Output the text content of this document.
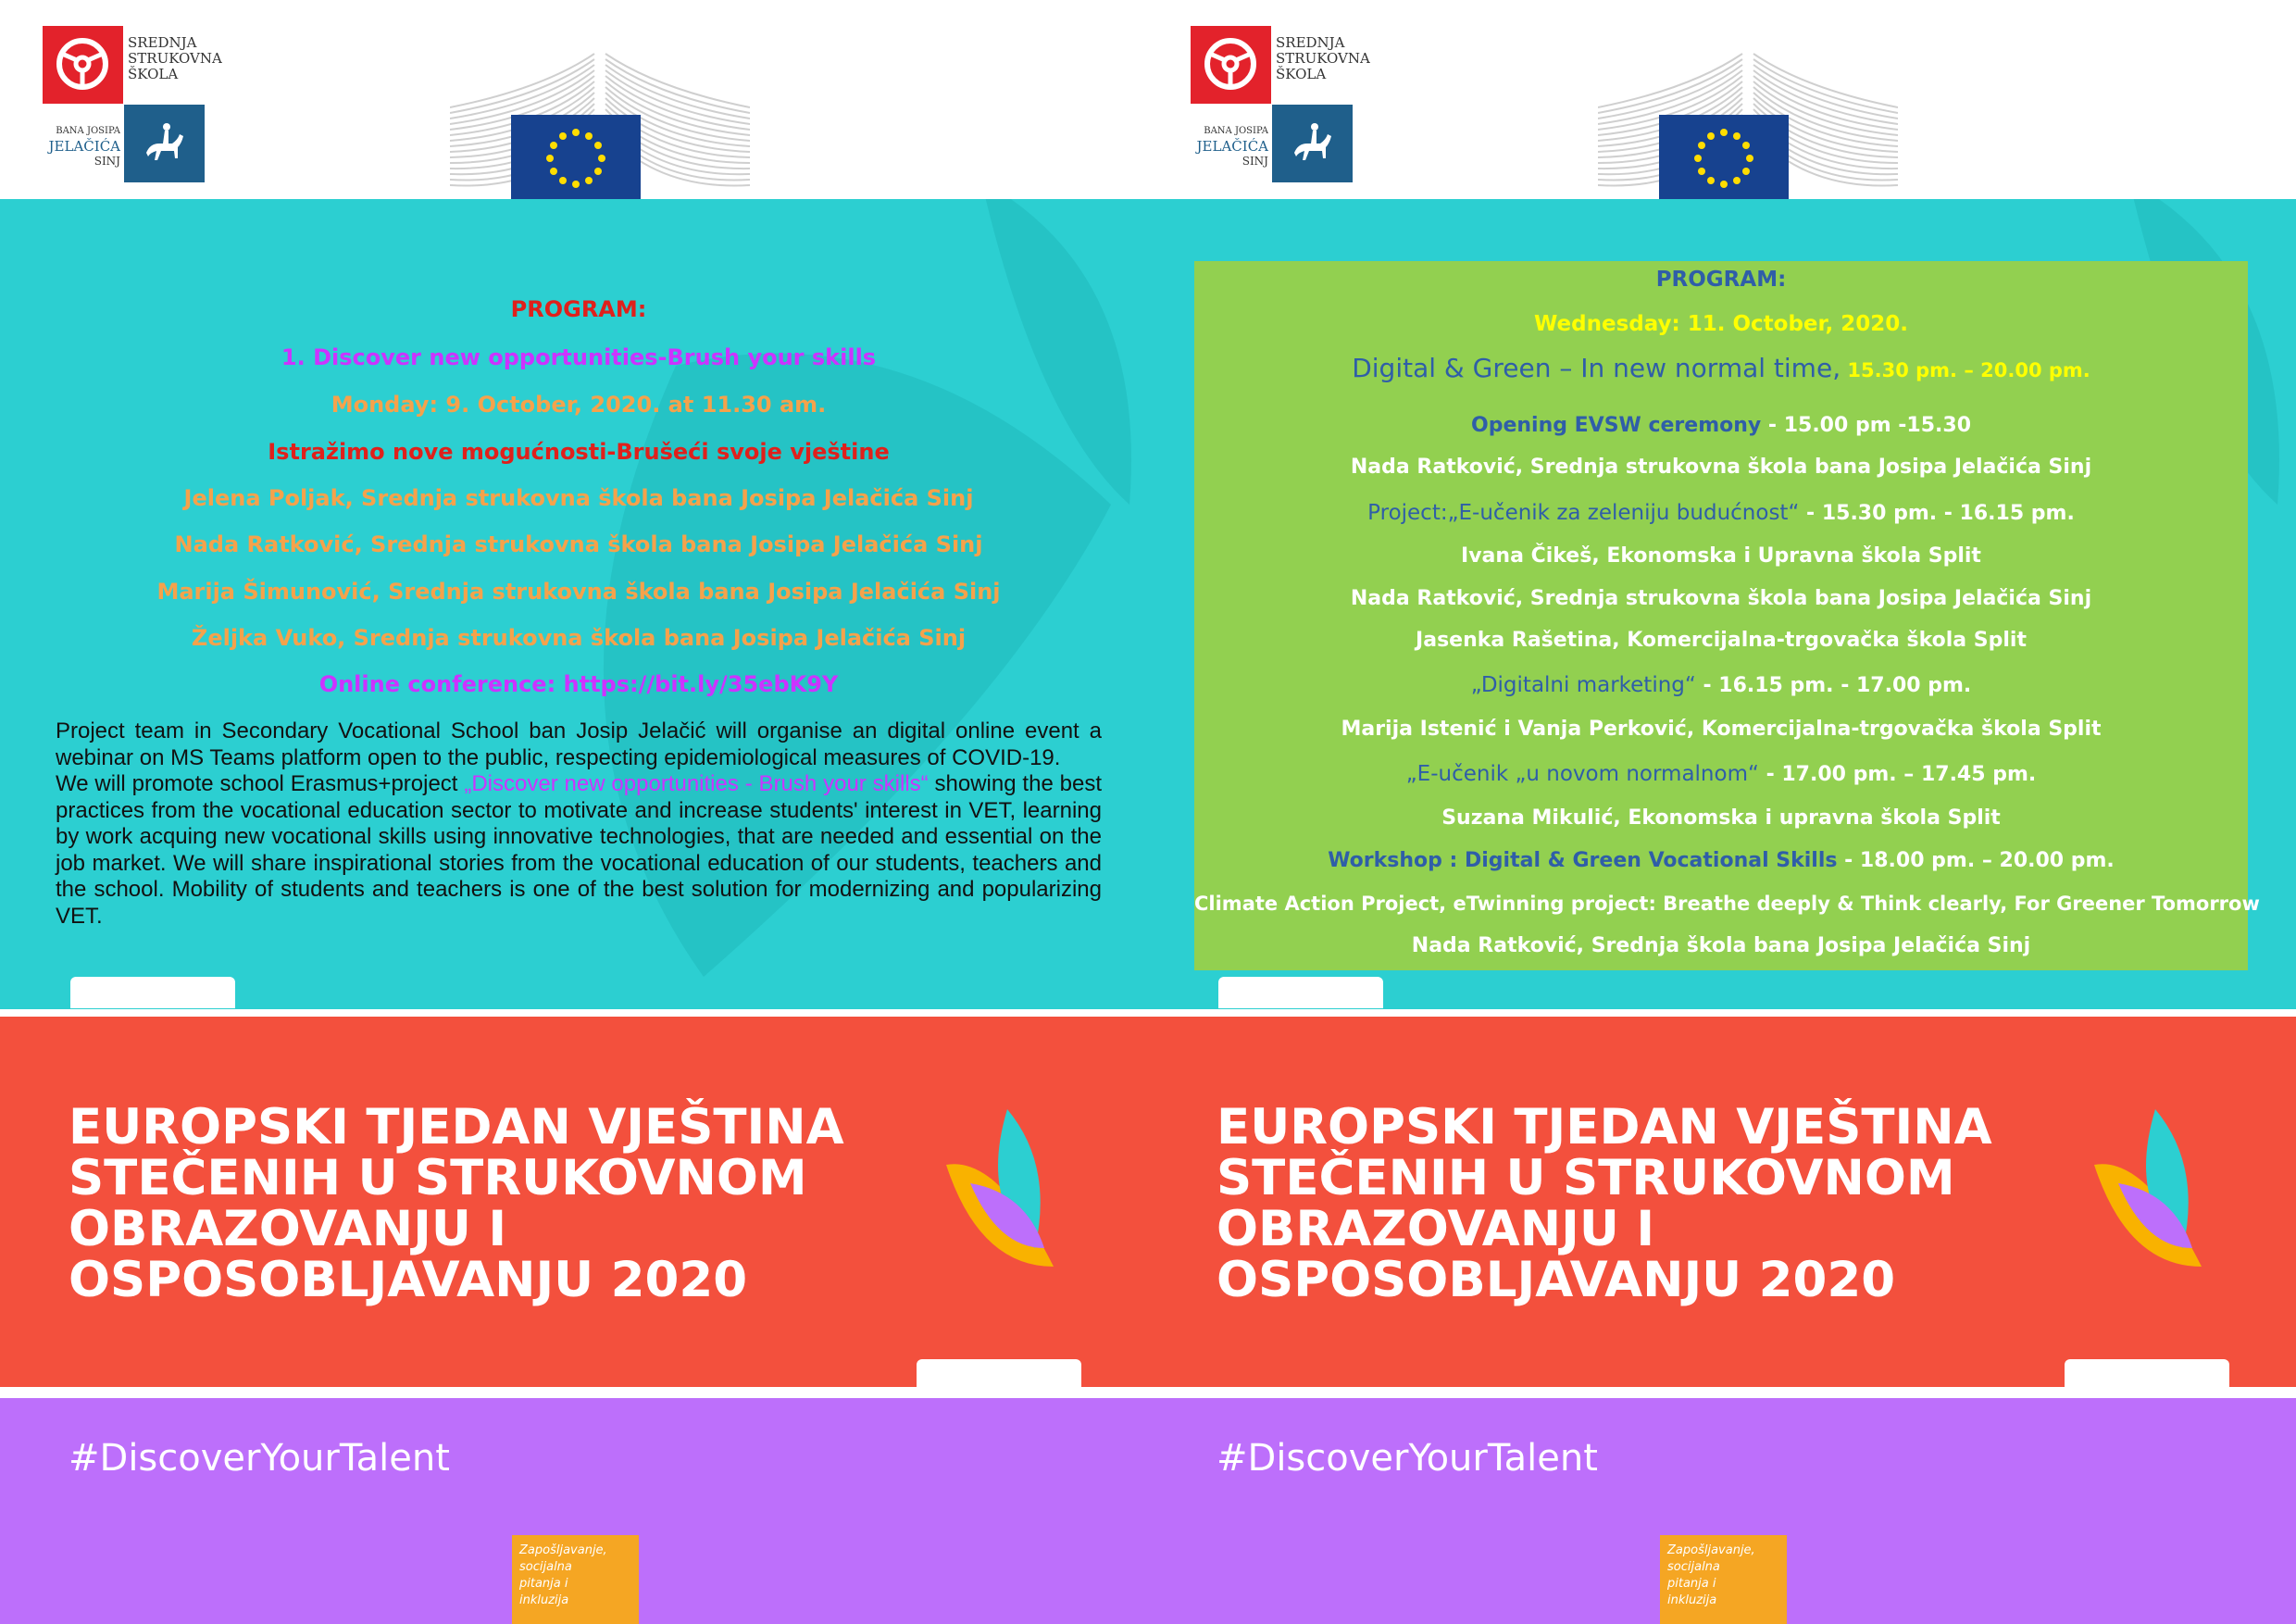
SREDNJA
STRUKOVNA
ŠKOLA
BANA JOSIPA
JELAČIĆA
SINJ
PROGRAM:
1. Discover new opportunities-Brush your skills
Monday: 9. October, 2020. at 11.30 am.
Istražimo nove mogućnosti-Brušeći svoje vještine
Jelena Poljak, Srednja strukovna škola bana Josipa Jelačića Sinj
Nada Ratković, Srednja strukovna škola bana Josipa Jelačića Sinj
Marija Šimunović, Srednja strukovna škola bana Josipa Jelačića Sinj
Željka Vuko, Srednja strukovna škola bana Josipa Jelačića Sinj
Online conference: https://bit.ly/35ebK9Y

Project team in Secondary Vocational School ban Josip Jelačić will organise an digital online event a webinar on MS Teams platform open to the public, respecting epidemiological measures of COVID-19.

We will promote school Erasmus+project „Discover new opportunities - Brush your skills“ showing the best practices from the vocational education sector to motivate and increase students' interest in VET, learning by work acquing new vocational skills using innovative technologies, that are needed and essential on the job market. We will share inspirational stories from the vocational education of our students, teachers and the school. Mobility of students and teachers is one of the best solution for modernizing and popularizing VET.

EUROPSKI TJEDAN VJEŠTINA
STEČENIH U STRUKOVNOM
OBRAZOVANJU I
OSPOSOBLJAVANJU 2020
#DiscoverYourTalent
Zapošljavanje,
socijalna
pitanja i
inkluzija
SREDNJA
STRUKOVNA
ŠKOLA
BANA JOSIPA
JELAČIĆA
SINJ
EUROPSKI TJEDAN VJEŠTINA
STEČENIH U STRUKOVNOM
OBRAZOVANJU I
OSPOSOBLJAVANJU 2020
#DiscoverYourTalent
Zapošljavanje,
socijalna
pitanja i
inkluzija
PROGRAM:
Wednesday: 11. October, 2020.
Digital & Green – In new normal time, 15.30 pm. – 20.00 pm.
Opening EVSW ceremony - 15.00 pm -15.30
Nada Ratković, Srednja strukovna škola bana Josipa Jelačića Sinj
Project:„E-učenik za zeleniju budućnost“ - 15.30 pm. - 16.15 pm.
Ivana Čikeš, Ekonomska i Upravna škola Split
Nada Ratković, Srednja strukovna škola bana Josipa Jelačića Sinj
Jasenka Rašetina, Komercijalna-trgovačka škola Split
„Digitalni marketing“ - 16.15 pm. - 17.00 pm.
Marija Istenić i Vanja Perković, Komercijalna-trgovačka škola Split
„E-učenik „u novom normalnom“ - 17.00 pm. – 17.45 pm.
Suzana Mikulić, Ekonomska i upravna škola Split
Workshop : Digital & Green Vocational Skills - 18.00 pm. – 20.00 pm.
Climate Action Project, eTwinning project: Breathe deeply & Think clearly, For Greener Tomorrow
Nada Ratković, Srednja škola bana Josipa Jelačića Sinj
